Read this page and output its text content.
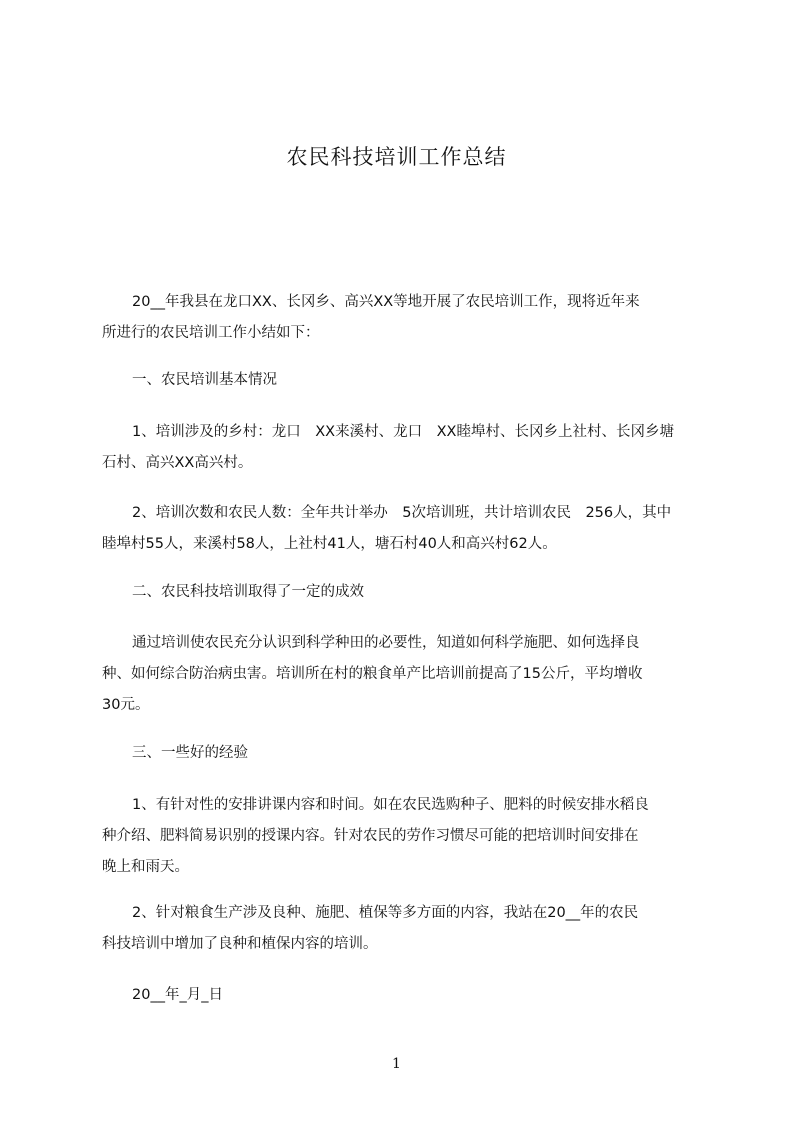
农民科技培训工作总结
20__年我县在龙口XX、长冈乡、高兴XX等地开展了农民培训工作，现将近年来
所进行的农民培训工作小结如下：
一、农民培训基本情况
1、培训涉及的乡村：龙口　XX来溪村、龙口　XX睦埠村、长冈乡上社村、长冈乡塘
石村、高兴XX高兴村。
2、培训次数和农民人数：全年共计举办　5次培训班，共计培训农民　256人，其中
睦埠村55人，来溪村58人，上社村41人，塘石村40人和高兴村62人。
二、农民科技培训取得了一定的成效
通过培训使农民充分认识到科学种田的必要性，知道如何科学施肥、如何选择良
种、如何综合防治病虫害。培训所在村的粮食单产比培训前提高了15公斤，平均增收
30元。
三、一些好的经验
1、有针对性的安排讲课内容和时间。如在农民选购种子、肥料的时候安排水稻良
种介绍、肥料简易识别的授课内容。针对农民的劳作习惯尽可能的把培训时间安排在
晚上和雨天。
2、针对粮食生产涉及良种、施肥、植保等多方面的内容，我站在20__年的农民
科技培训中增加了良种和植保内容的培训。
20__年_月_日
1
